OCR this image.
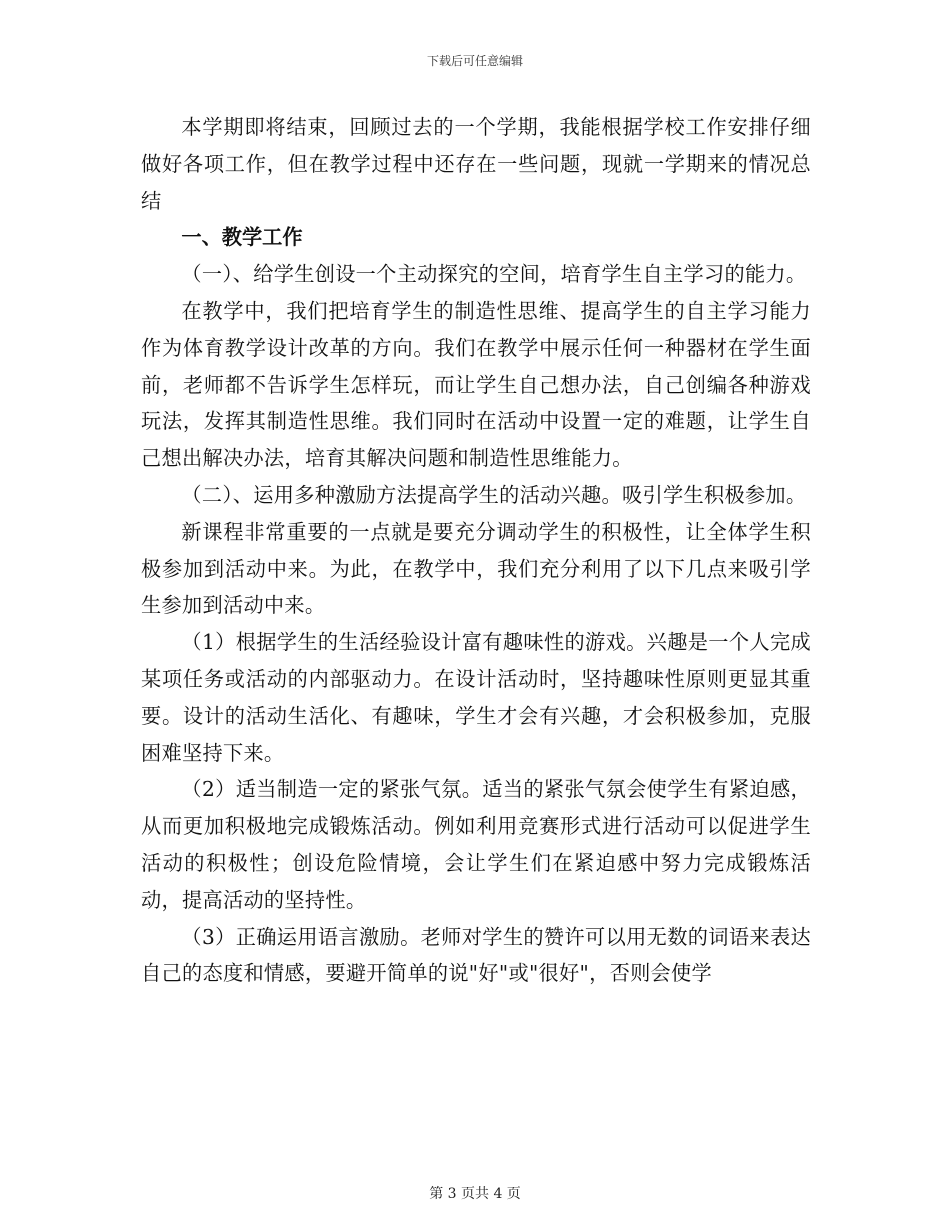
下载后可任意编辑

本学期即将结束，回顾过去的一个学期，我能根据学校工作安排仔细做好各项工作，但在教学过程中还存在一些问题，现就一学期来的情况总结

一、教学工作

（一）、给学生创设一个主动探究的空间，培育学生自主学习的能力。

在教学中，我们把培育学生的制造性思维、提高学生的自主学习能力作为体育教学设计改革的方向。我们在教学中展示任何一种器材在学生面前，老师都不告诉学生怎样玩，而让学生自己想办法，自己创编各种游戏玩法，发挥其制造性思维。我们同时在活动中设置一定的难题，让学生自己想出解决办法，培育其解决问题和制造性思维能力。

（二）、运用多种激励方法提高学生的活动兴趣。吸引学生积极参加。

新课程非常重要的一点就是要充分调动学生的积极性，让全体学生积极参加到活动中来。为此，在教学中，我们充分利用了以下几点来吸引学生参加到活动中来。

（1）根据学生的生活经验设计富有趣味性的游戏。兴趣是一个人完成某项任务或活动的内部驱动力。在设计活动时，坚持趣味性原则更显其重要。设计的活动生活化、有趣味，学生才会有兴趣，才会积极参加，克服困难坚持下来。

（2）适当制造一定的紧张气氛。适当的紧张气氛会使学生有紧迫感，从而更加积极地完成锻炼活动。例如利用竞赛形式进行活动可以促进学生活动的积极性；创设危险情境，会让学生们在紧迫感中努力完成锻炼活动，提高活动的坚持性。

（3）正确运用语言激励。老师对学生的赞许可以用无数的词语来表达自己的态度和情感，要避开简单的说"好"或"很好"，否则会使学

第 3 页共 4 页
